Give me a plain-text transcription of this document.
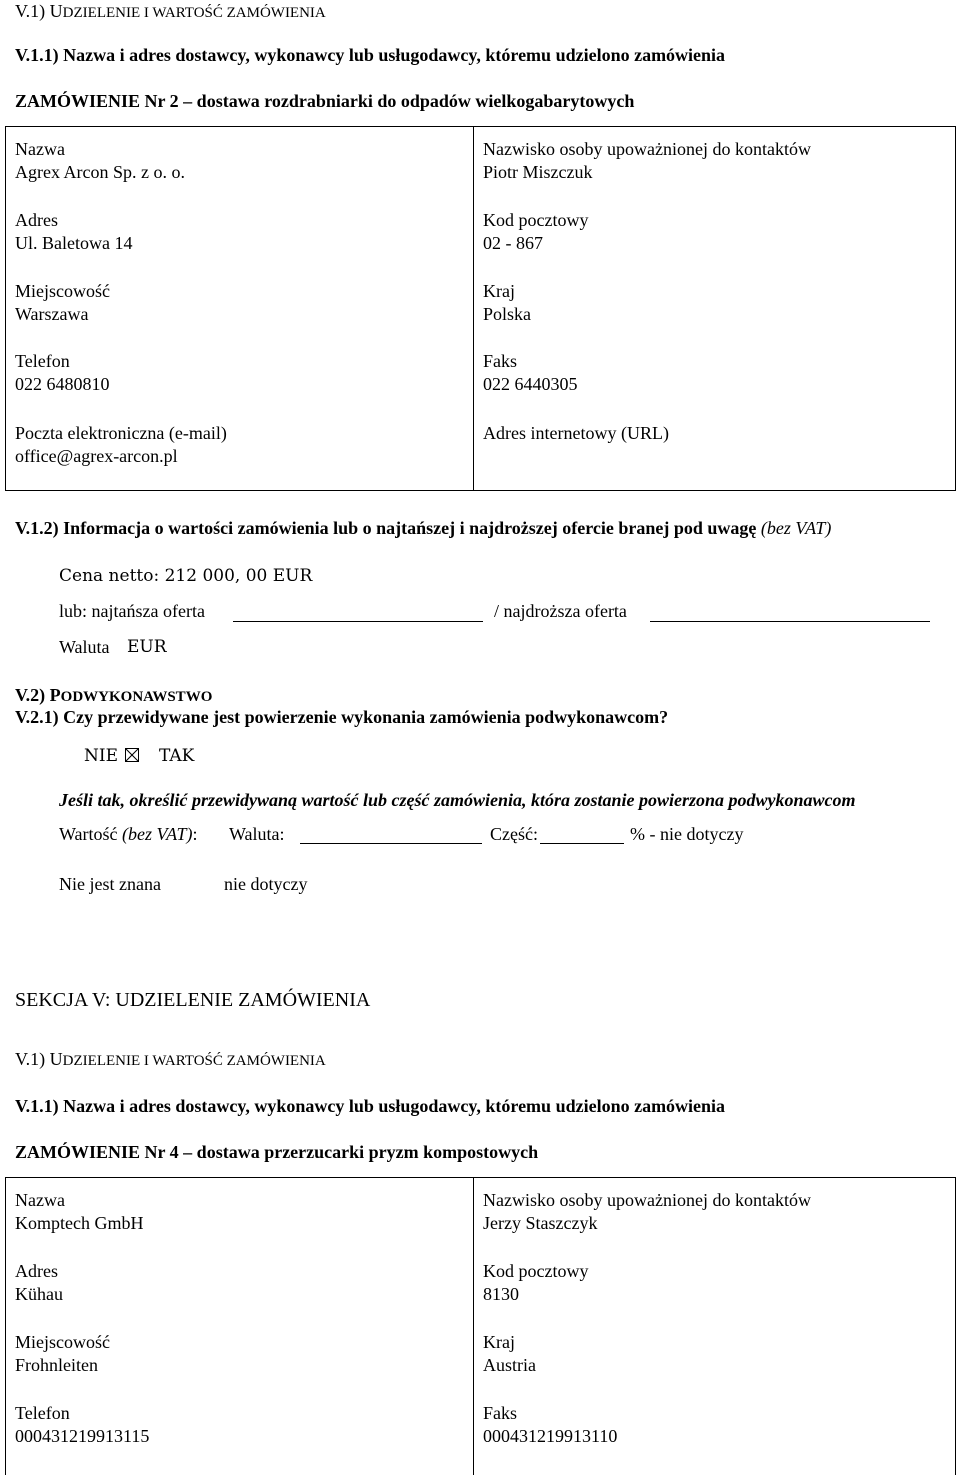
V.1) UDZIELENIE I WARTOŚĆ ZAMÓWIENIA
V.1.1) Nazwa i adres dostawcy, wykonawcy lub usługodawcy, któremu udzielono zamówienia
ZAMÓWIENIE Nr 2 – dostawa rozdrabniarki do odpadów wielkogabarytowych
Nazwa
Agrex Arcon Sp. z o. o.
Adres
Ul. Baletowa 14
Miejscowość
Warszawa
Telefon
022 6480810
Poczta elektroniczna (e-mail)
office@agrex-arcon.pl
Nazwisko osoby upoważnionej do kontaktów
Piotr Miszczuk
Kod pocztowy
02 - 867
Kraj
Polska
Faks
022 6440305
Adres internetowy (URL)
V.1.2) Informacja o wartości zamówienia lub o najtańszej i najdroższej ofercie branej pod uwagę (bez VAT)
Cena netto: 212 000, 00 EUR
lub: najtańsza oferta	/ najdroższa oferta
Waluta EUR
V.2) PODWYKONAWSTWO
V.2.1) Czy przewidywane jest powierzenie wykonania zamówienia podwykonawcom?
NIE TAK
Jeśli tak, określić przewidywaną wartość lub część zamówienia, która zostanie powierzona podwykonawcom
Wartość (bez VAT): Waluta:	Część:	% - nie dotyczy
Nie jest znana	nie dotyczy
SEKCJA V: UDZIELENIE ZAMÓWIENIA
V.1) UDZIELENIE I WARTOŚĆ ZAMÓWIENIA
V.1.1) Nazwa i adres dostawcy, wykonawcy lub usługodawcy, któremu udzielono zamówienia
ZAMÓWIENIE Nr 4 – dostawa przerzucarki pryzm kompostowych
Nazwa
Komptech GmbH
Adres
Kühau
Miejscowość
Frohnleiten
Telefon
000431219913115
Nazwisko osoby upoważnionej do kontaktów
Jerzy Staszczyk
Kod pocztowy
8130
Kraj
Austria
Faks
000431219913110
